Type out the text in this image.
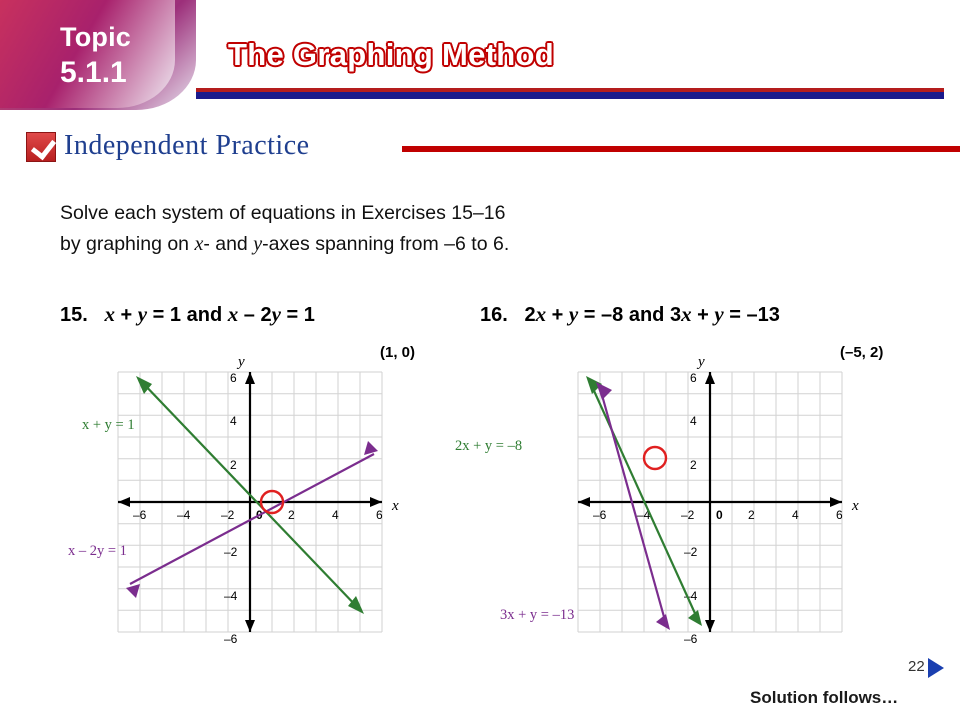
Topic
5.1.1
The Graphing Method
Independent Practice
Solve each system of equations in Exercises 15–16
by graphing on x- and y-axes spanning from –6 to 6.
15. x + y = 1 and x – 2y = 1	16. 2x + y = –8 and 3x + y = –13
(1, 0)	(–5, 2)
–6	–4	–2 0 2	4	6
6
4
2
–2
–4
–6
x
y
x + y = 1
x – 2y = 1
–6	–4	–2 0 2	4	6
6
4
2
–2
–4
–6
x
y
2x + y = –8
3x + y = –13
22
Solution follows…
